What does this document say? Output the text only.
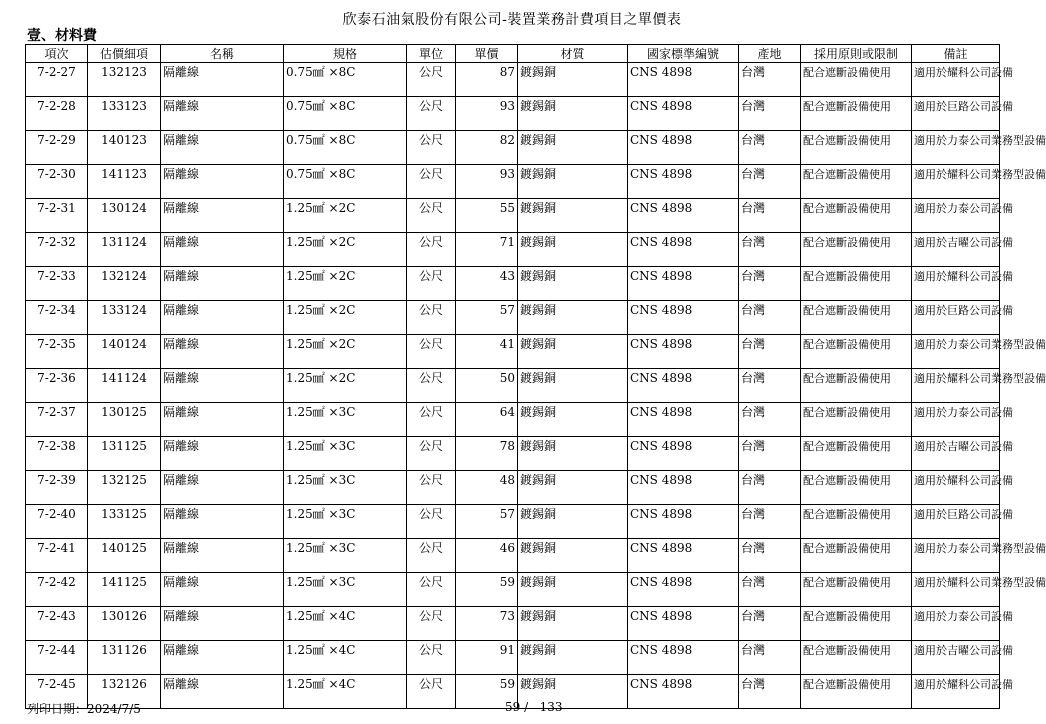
欣泰石油氣股份有限公司-裝置業務計費項目之單價表
壹、材料費
項次	估價細項	名稱	規格	單位	單價	材質	國家標準編號	產地	採用原則或限制	備註
7-2-27	132123	隔離線	0.75㎟ ×8C	公尺	87	鍍錫銅	CNS 4898	台灣	配合遮斷設備使用	適用於耀科公司設備
7-2-28	133123	隔離線	0.75㎟ ×8C	公尺	93	鍍錫銅	CNS 4898	台灣	配合遮斷設備使用	適用於巨路公司設備
7-2-29	140123	隔離線	0.75㎟ ×8C	公尺	82	鍍錫銅	CNS 4898	台灣	配合遮斷設備使用	適用於力泰公司業務型設備
7-2-30	141123	隔離線	0.75㎟ ×8C	公尺	93	鍍錫銅	CNS 4898	台灣	配合遮斷設備使用	適用於耀科公司業務型設備
7-2-31	130124	隔離線	1.25㎟ ×2C	公尺	55	鍍錫銅	CNS 4898	台灣	配合遮斷設備使用	適用於力泰公司設備
7-2-32	131124	隔離線	1.25㎟ ×2C	公尺	71	鍍錫銅	CNS 4898	台灣	配合遮斷設備使用	適用於吉曜公司設備
7-2-33	132124	隔離線	1.25㎟ ×2C	公尺	43	鍍錫銅	CNS 4898	台灣	配合遮斷設備使用	適用於耀科公司設備
7-2-34	133124	隔離線	1.25㎟ ×2C	公尺	57	鍍錫銅	CNS 4898	台灣	配合遮斷設備使用	適用於巨路公司設備
7-2-35	140124	隔離線	1.25㎟ ×2C	公尺	41	鍍錫銅	CNS 4898	台灣	配合遮斷設備使用	適用於力泰公司業務型設備
7-2-36	141124	隔離線	1.25㎟ ×2C	公尺	50	鍍錫銅	CNS 4898	台灣	配合遮斷設備使用	適用於耀科公司業務型設備
7-2-37	130125	隔離線	1.25㎟ ×3C	公尺	64	鍍錫銅	CNS 4898	台灣	配合遮斷設備使用	適用於力泰公司設備
7-2-38	131125	隔離線	1.25㎟ ×3C	公尺	78	鍍錫銅	CNS 4898	台灣	配合遮斷設備使用	適用於吉曜公司設備
7-2-39	132125	隔離線	1.25㎟ ×3C	公尺	48	鍍錫銅	CNS 4898	台灣	配合遮斷設備使用	適用於耀科公司設備
7-2-40	133125	隔離線	1.25㎟ ×3C	公尺	57	鍍錫銅	CNS 4898	台灣	配合遮斷設備使用	適用於巨路公司設備
7-2-41	140125	隔離線	1.25㎟ ×3C	公尺	46	鍍錫銅	CNS 4898	台灣	配合遮斷設備使用	適用於力泰公司業務型設備
7-2-42	141125	隔離線	1.25㎟ ×3C	公尺	59	鍍錫銅	CNS 4898	台灣	配合遮斷設備使用	適用於耀科公司業務型設備
7-2-43	130126	隔離線	1.25㎟ ×4C	公尺	73	鍍錫銅	CNS 4898	台灣	配合遮斷設備使用	適用於力泰公司設備
7-2-44	131126	隔離線	1.25㎟ ×4C	公尺	91	鍍錫銅	CNS 4898	台灣	配合遮斷設備使用	適用於吉曜公司設備
7-2-45	132126	隔離線	1.25㎟ ×4C	公尺	59	鍍錫銅	CNS 4898	台灣	配合遮斷設備使用	適用於耀科公司設備
列印日期：2024/7/5	59 /   133
